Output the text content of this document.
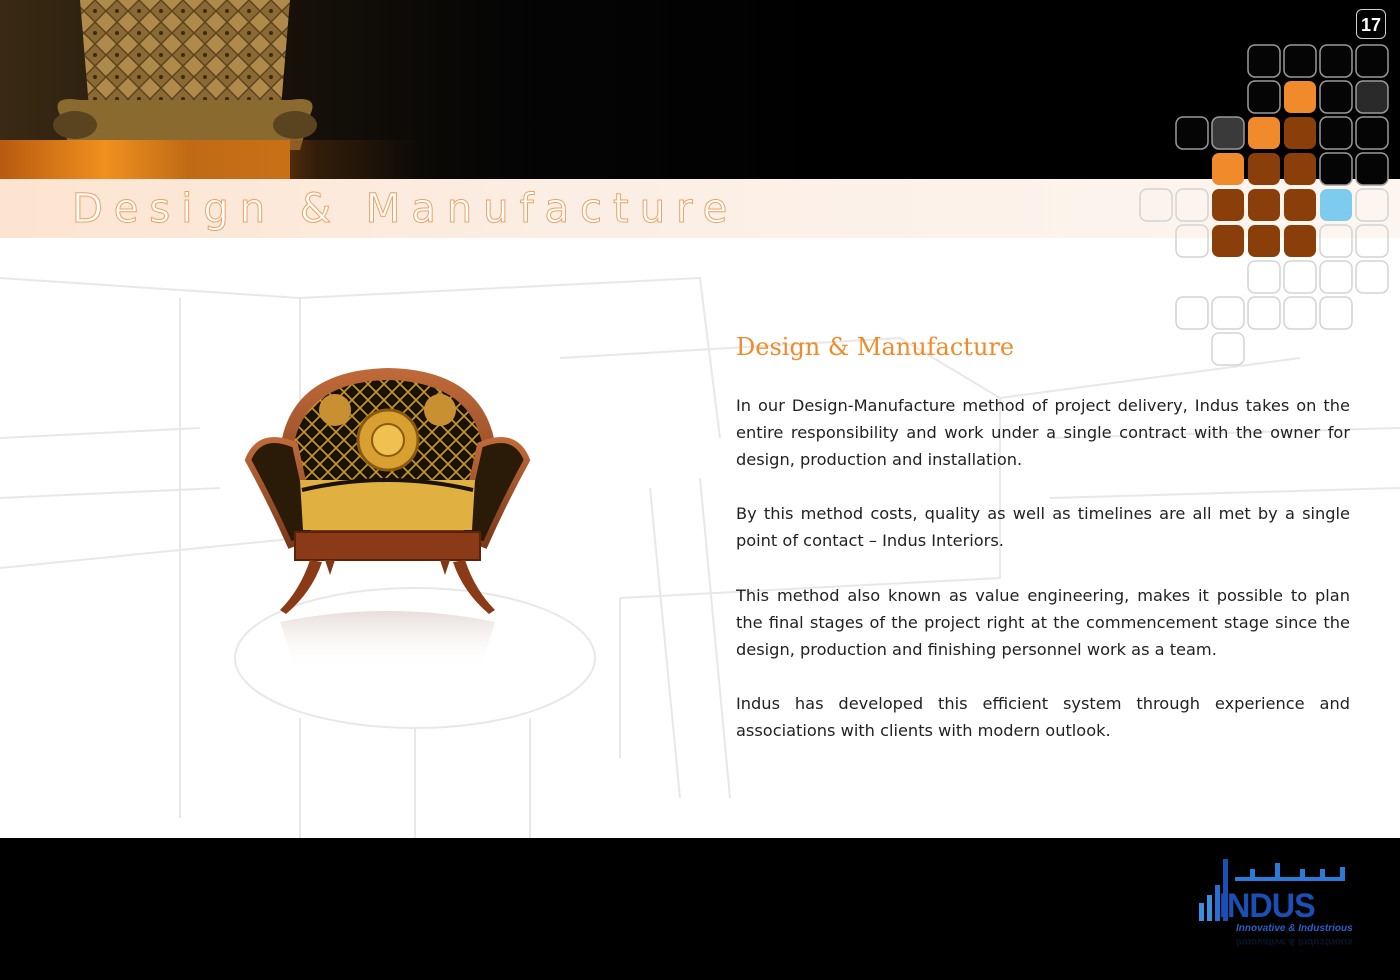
17
Design & Manufacture
Design & Manufacture

In our Design-Manufacture method of project delivery, Indus takes on the entire responsibility and work under a single contract with the owner for design, production and installation.

By this method costs, quality as well as timelines are all met by a single point of contact – Indus Interiors.

This method also known as value engineering, makes it possible to plan the final stages of the project right at the commencement stage since the design, production and finishing personnel work as a team.

Indus has developed this efficient system through experience and associations with clients with modern outlook.

INDUS
Innovative & Industrious
Innovative & Industrious
